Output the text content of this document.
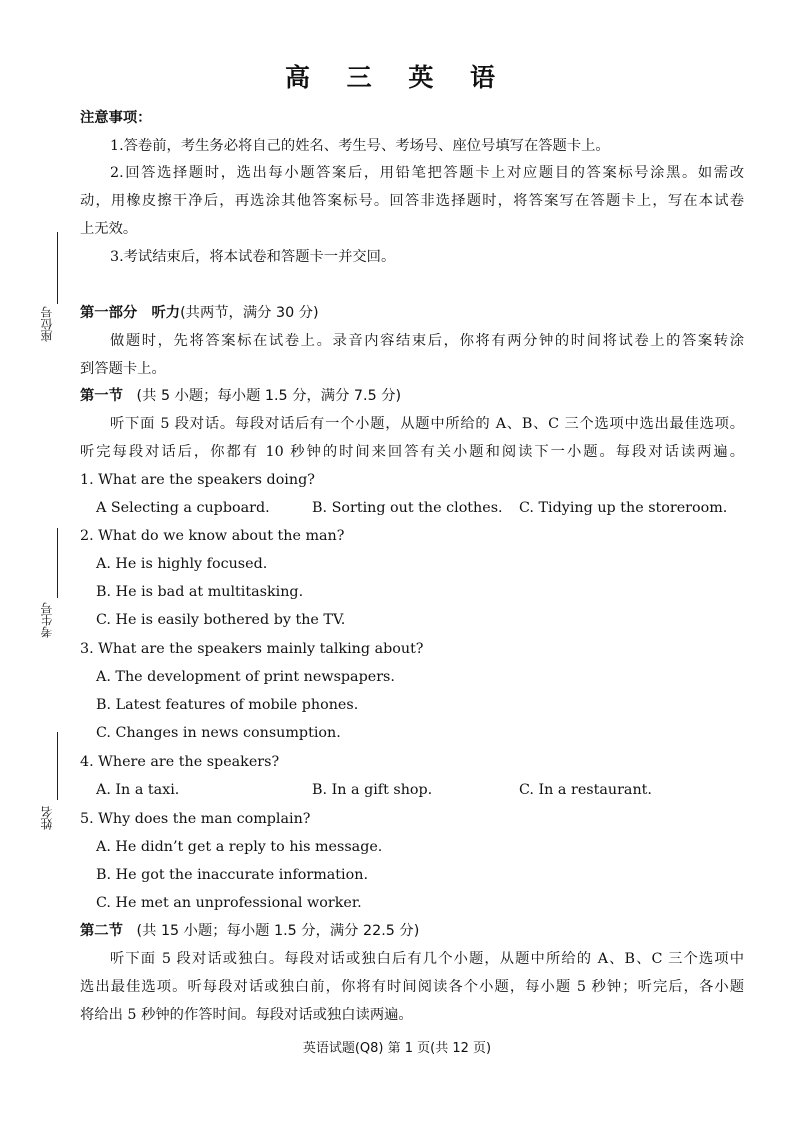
高 三 英 语
座位号
考生号
姓名
注意事项：
1.答卷前，考生务必将自己的姓名、考生号、考场号、座位号填写在答题卡上。
2.回答选择题时，选出每小题答案后，用铅笔把答题卡上对应题目的答案标号涂黑。如需改
动，用橡皮擦干净后，再选涂其他答案标号。回答非选择题时，将答案写在答题卡上，写在本试卷
上无效。
3.考试结束后，将本试卷和答题卡一并交回。
第一部分　听力(共两节，满分 30 分)
做题时，先将答案标在试卷上。录音内容结束后，你将有两分钟的时间将试卷上的答案转涂
到答题卡上。
第一节 (共 5 小题；每小题 1.5 分，满分 7.5 分)
听下面 5 段对话。每段对话后有一个小题，从题中所给的 A、B、C 三个选项中选出最佳选项。
听完每段对话后，你都有 10 秒钟的时间来回答有关小题和阅读下一小题。每段对话读两遍。
1. What are the speakers doing?
A Selecting a cupboard.	B. Sorting out the clothes. C. Tidying up the storeroom.
2. What do we know about the man?
A. He is highly focused.
B. He is bad at multitasking.
C. He is easily bothered by the TV.
3. What are the speakers mainly talking about?
A. The development of print newspapers.
B. Latest features of mobile phones.
C. Changes in news consumption.
4. Where are the speakers?
A. In a taxi.	B. In a gift shop.	C. In a restaurant.
5. Why does the man complain?
A. He didn’t get a reply to his message.
B. He got the inaccurate information.
C. He met an unprofessional worker.
第二节 (共 15 小题；每小题 1.5 分，满分 22.5 分)
听下面 5 段对话或独白。每段对话或独白后有几个小题，从题中所给的 A、B、C 三个选项中
选出最佳选项。听每段对话或独白前，你将有时间阅读各个小题，每小题 5 秒钟；听完后，各小题
将给出 5 秒钟的作答时间。每段对话或独白读两遍。
英语试题(Q8) 第 1 页(共 12 页)
